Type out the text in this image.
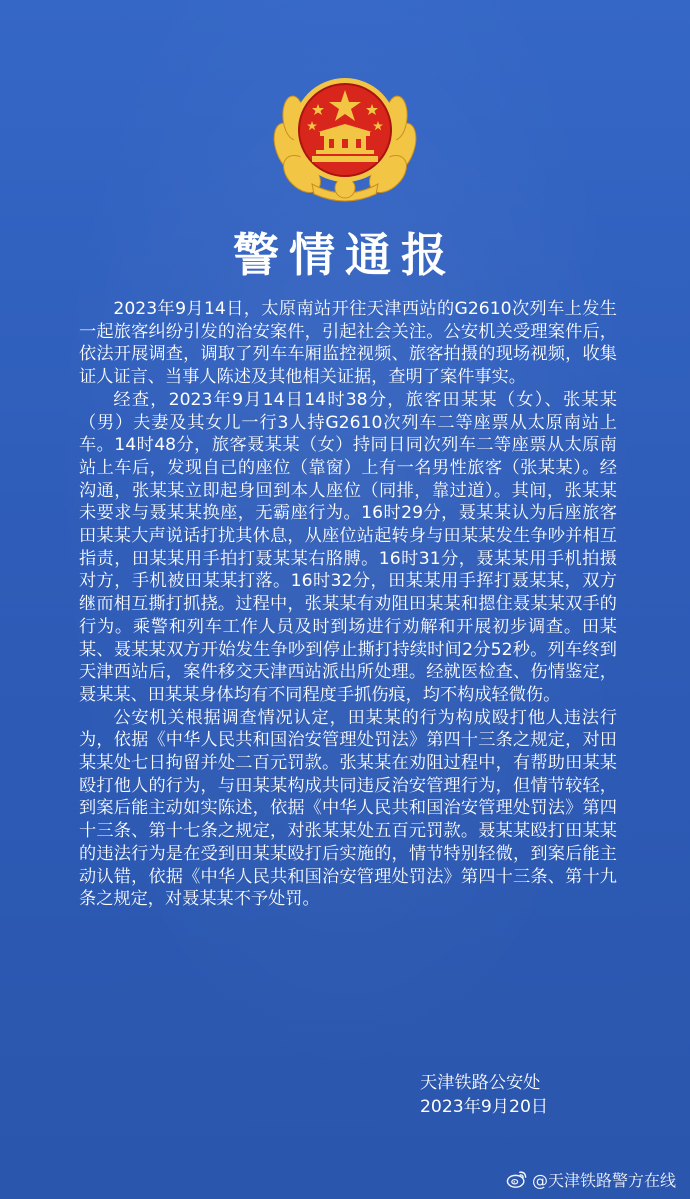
警情通报

2023年9月14日，太原南站开往天津西站的G2610次列车上发生一起旅客纠纷引发的治安案件，引起社会关注。公安机关受理案件后，依法开展调查，调取了列车车厢监控视频、旅客拍摄的现场视频，收集证人证言、当事人陈述及其他相关证据，查明了案件事实。

经查，2023年9月14日14时38分，旅客田某某（女）、张某某（男）夫妻及其女儿一行3人持G2610次列车二等座票从太原南站上车。14时48分，旅客聂某某（女）持同日同次列车二等座票从太原南站上车后，发现自己的座位（靠窗）上有一名男性旅客（张某某）。经沟通，张某某立即起身回到本人座位（同排，靠过道）。其间，张某某未要求与聂某某换座，无霸座行为。16时29分，聂某某认为后座旅客田某某大声说话打扰其休息，从座位站起转身与田某某发生争吵并相互指责，田某某用手拍打聂某某右胳膊。16时31分，聂某某用手机拍摄对方，手机被田某某打落。16时32分，田某某用手挥打聂某某，双方继而相互撕打抓挠。过程中，张某某有劝阻田某某和摁住聂某某双手的行为。乘警和列车工作人员及时到场进行劝解和开展初步调查。田某某、聂某某双方开始发生争吵到停止撕打持续时间2分52秒。列车终到天津西站后，案件移交天津西站派出所处理。经就医检查、伤情鉴定，聂某某、田某某身体均有不同程度手抓伤痕，均不构成轻微伤。

公安机关根据调查情况认定，田某某的行为构成殴打他人违法行为，依据《中华人民共和国治安管理处罚法》第四十三条之规定，对田某某处七日拘留并处二百元罚款。张某某在劝阻过程中，有帮助田某某殴打他人的行为，与田某某构成共同违反治安管理行为，但情节较轻，到案后能主动如实陈述，依据《中华人民共和国治安管理处罚法》第四十三条、第十七条之规定，对张某某处五百元罚款。聂某某殴打田某某的违法行为是在受到田某某殴打后实施的，情节特别轻微，到案后能主动认错，依据《中华人民共和国治安管理处罚法》第四十三条、第十九条之规定，对聂某某不予处罚。

天津铁路公安处
2023年9月20日
@天津铁路警方在线
